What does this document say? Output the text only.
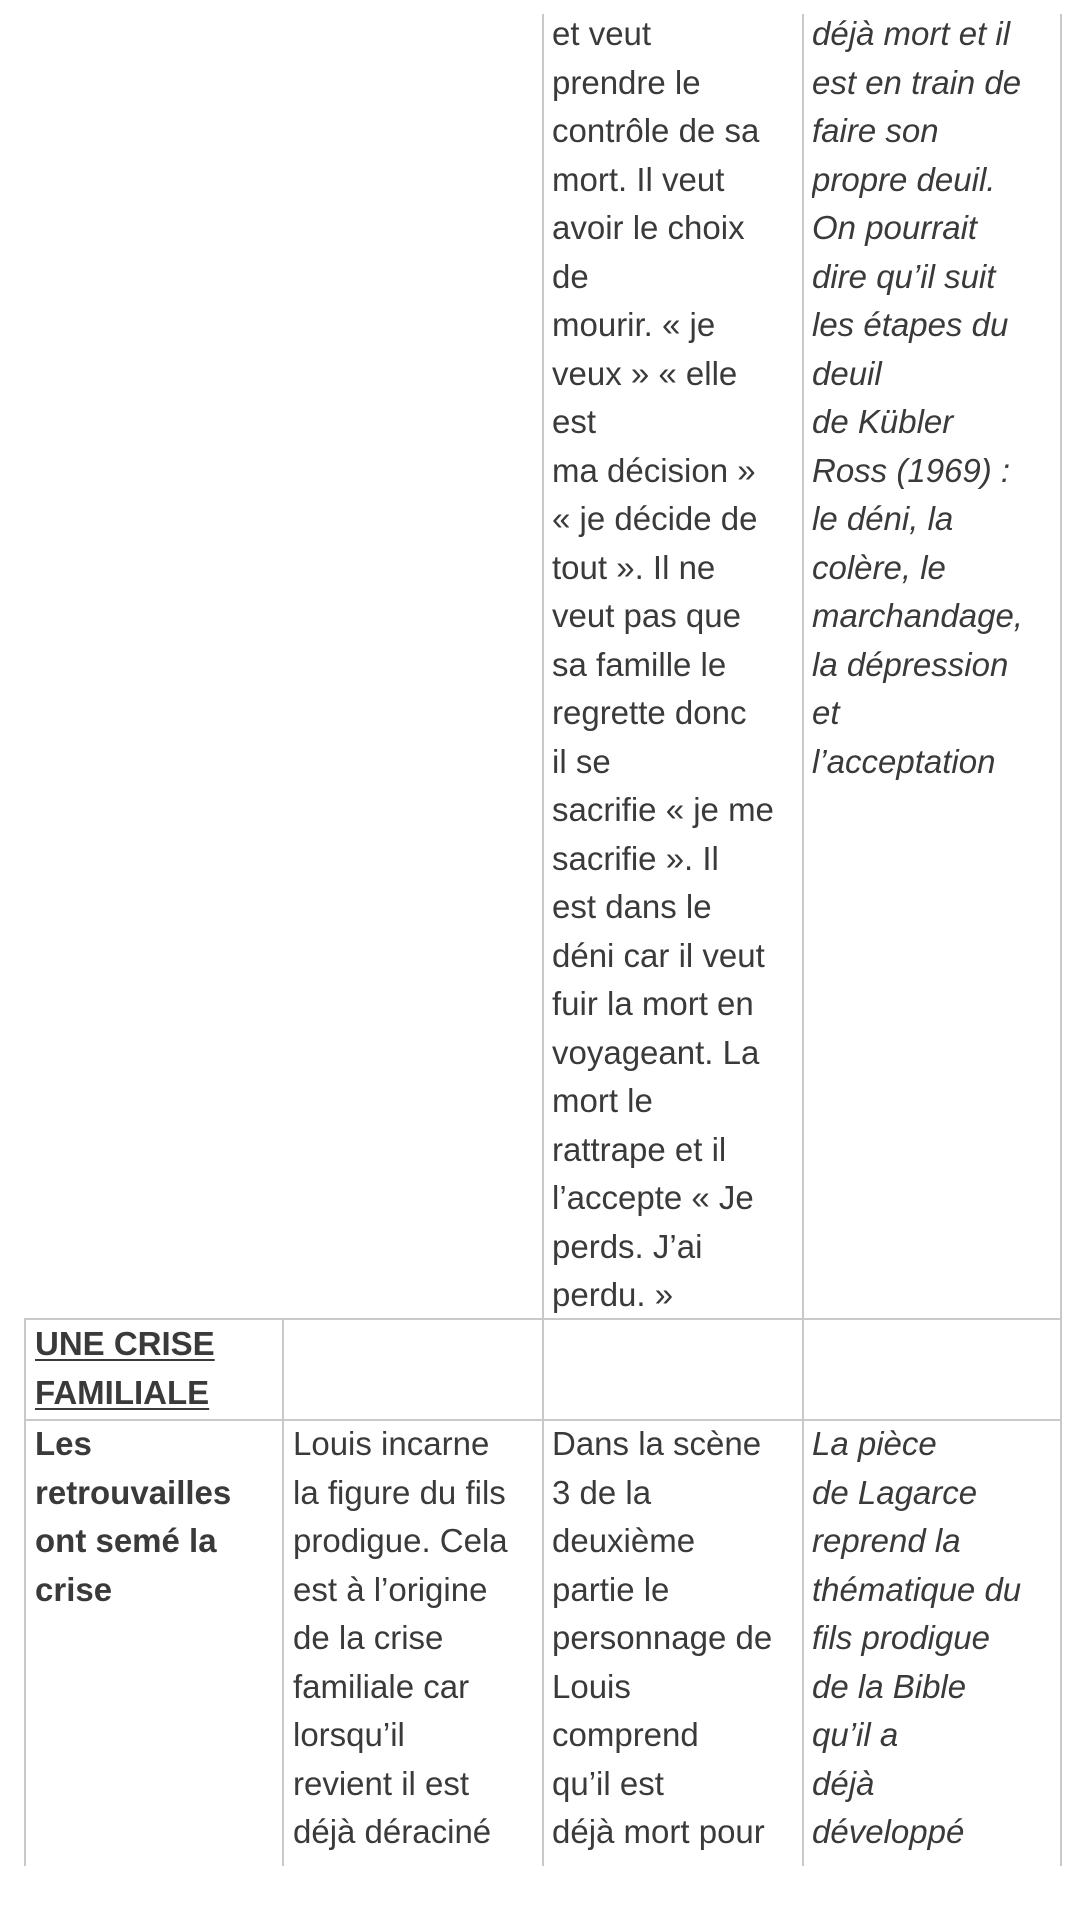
et veut
prendre le
contrôle de sa
mort. Il veut
avoir le choix
de
mourir. « je
veux » « elle
est
ma décision »
« je décide de
tout ». Il ne
veut pas que
sa famille le
regrette donc
il se
sacrifie « je me
sacrifie ». Il
est dans le
déni car il veut
fuir la mort en
voyageant. La
mort le
rattrape et il
l’accepte « Je
perds. J’ai
perdu. »
déjà mort et il
est en train de
faire son
propre deuil.
On pourrait
dire qu’il suit
les étapes du
deuil
de Kübler
Ross (1969) :
le déni, la
colère, le
marchandage,
la dépression
et
l’acceptation
UNE CRISE
FAMILIALE
Les
retrouvailles
ont semé la
crise
Louis incarne
la figure du fils
prodigue. Cela
est à l’origine
de la crise
familiale car
lorsqu’il
revient il est
déjà déraciné
Dans la scène
3 de la
deuxième
partie le
personnage de
Louis
comprend
qu’il est
déjà mort pour
La pièce
de Lagarce
reprend la
thématique du
fils prodigue
de la Bible
qu’il a
déjà
développé
